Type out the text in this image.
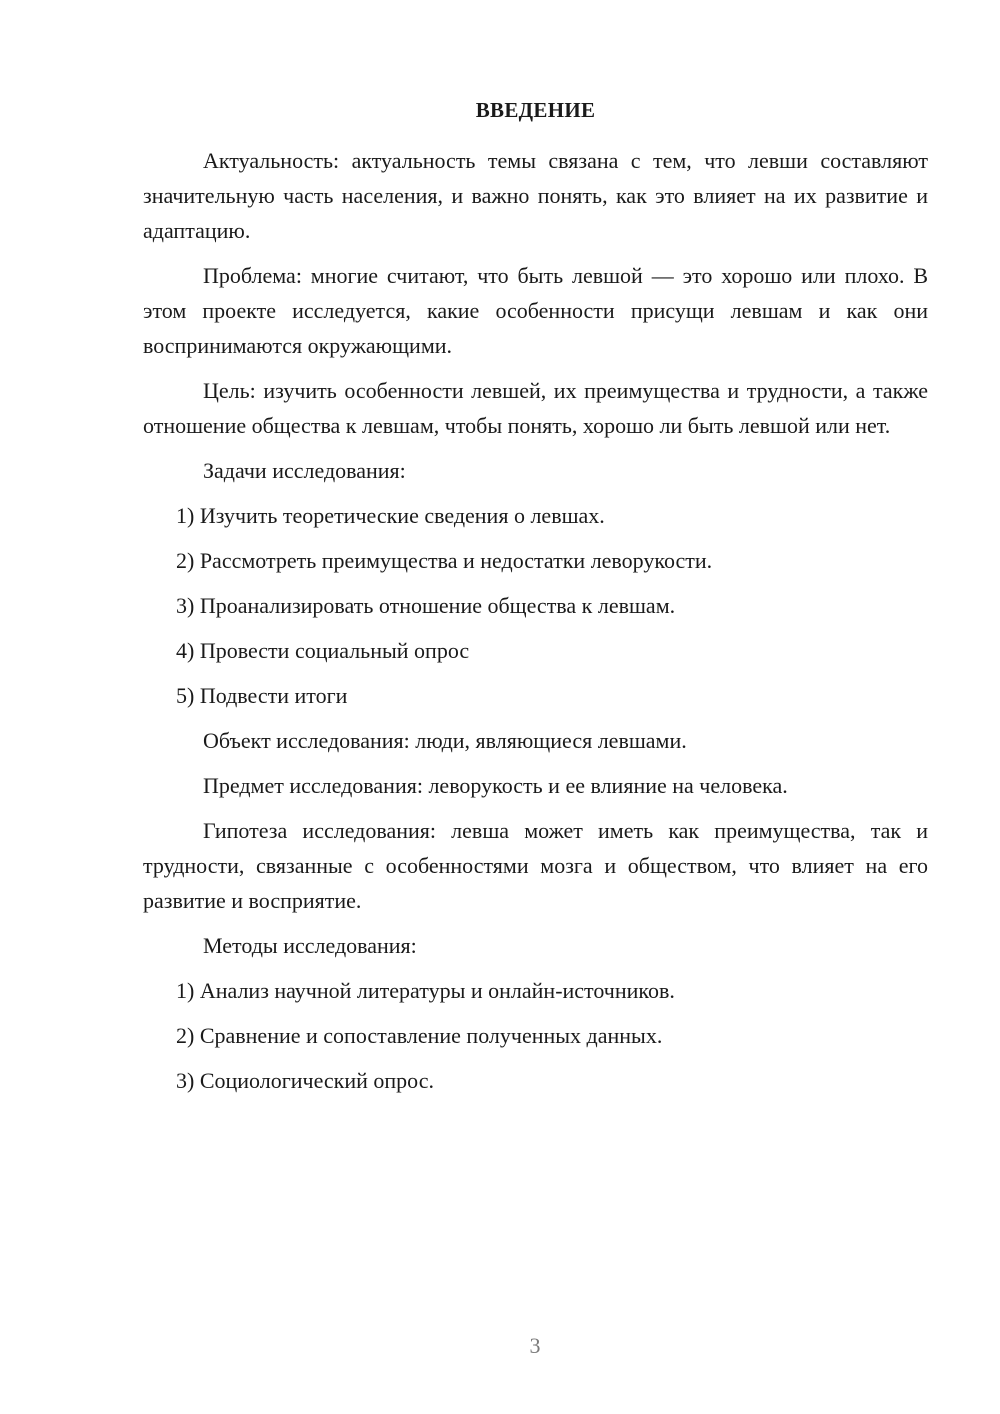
ВВЕДЕНИЕ

Актуальность: актуальность темы связана с тем, что левши составляют значительную часть населения, и важно понять, как это влияет на их развитие и адаптацию.

Проблема: многие считают, что быть левшой — это хорошо или плохо. В этом проекте исследуется, какие особенности присущи левшам и как они воспринимаются окружающими.

Цель: изучить особенности левшей, их преимущества и трудности, а также отношение общества к левшам, чтобы понять, хорошо ли быть левшой или нет.

Задачи исследования:
1) Изучить теоретические сведения о левшах.
2) Рассмотреть преимущества и недостатки леворукости.
3) Проанализировать отношение общества к левшам.
4) Провести социальный опрос
5) Подвести итоги
Объект исследования: люди, являющиеся левшами.
Предмет исследования: леворукость и ее влияние на человека.

Гипотеза исследования: левша может иметь как преимущества, так и трудности, связанные с особенностями мозга и обществом, что влияет на его развитие и восприятие.

Методы исследования:
1) Анализ научной литературы и онлайн-источников.
2) Сравнение и сопоставление полученных данных.
3) Социологический опрос.
3
